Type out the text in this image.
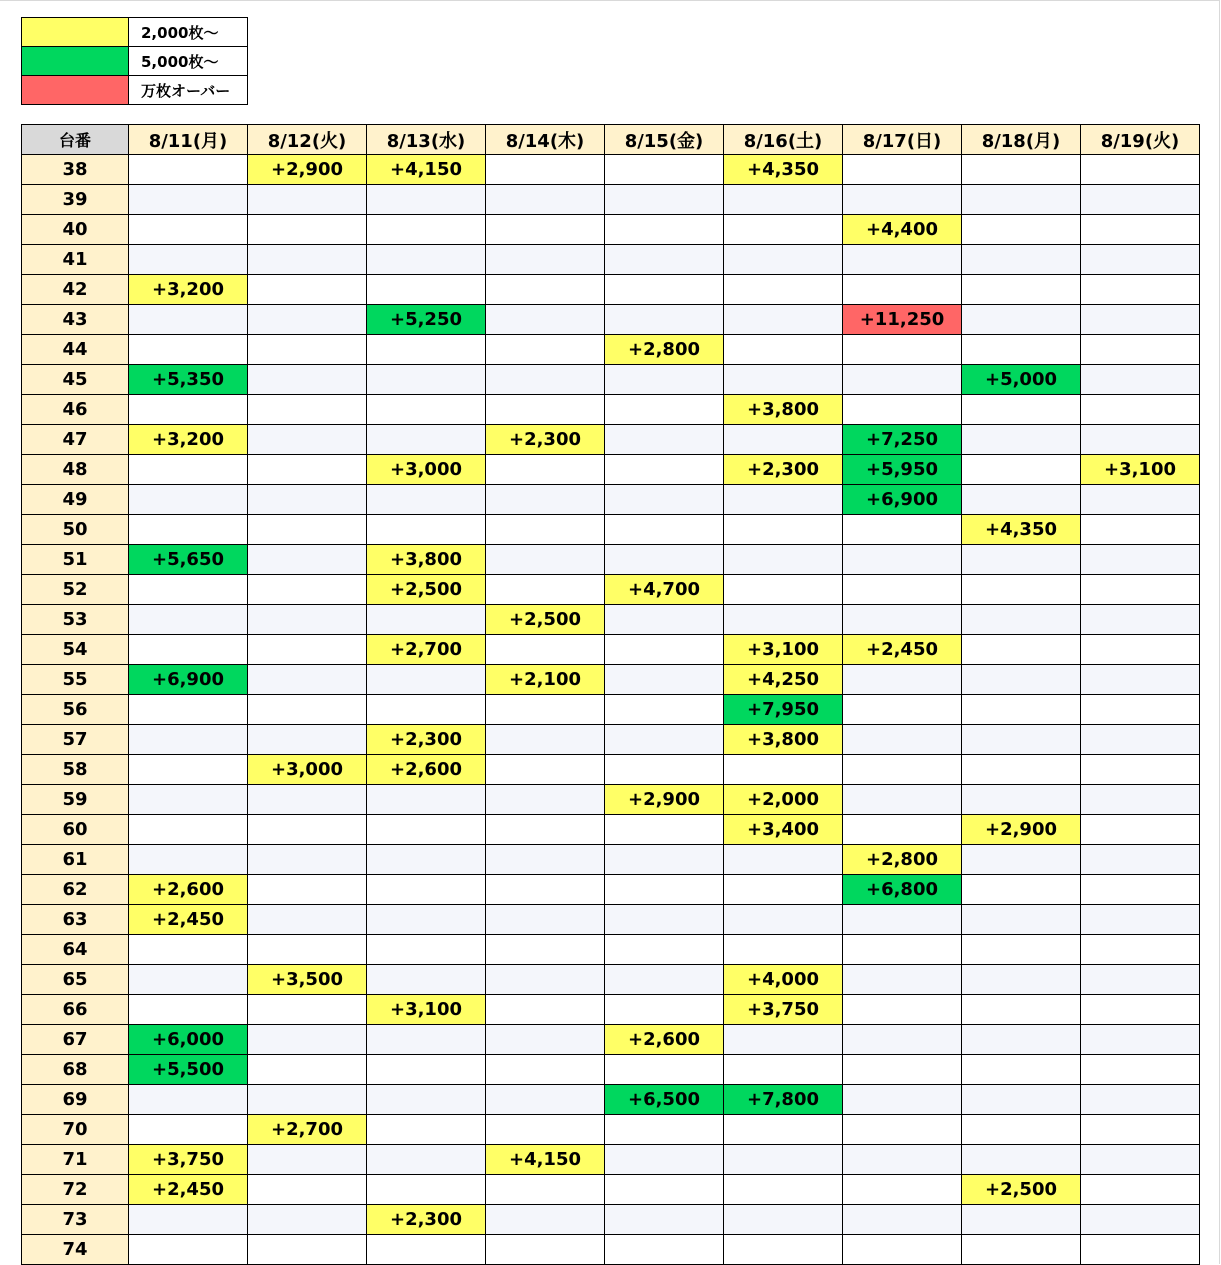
	2,000枚〜
	5,000枚〜
	万枚オーバー
台番	8/11(月)	8/12(火)	8/13(水)	8/14(木)	8/15(金)	8/16(土)	8/17(日)	8/18(月)	8/19(火)
38		+2,900	+4,150			+4,350			
39									
40							+4,400		
41									
42	+3,200								
43			+5,250				+11,250		
44					+2,800				
45	+5,350							+5,000	
46						+3,800			
47	+3,200			+2,300			+7,250		
48			+3,000			+2,300	+5,950		+3,100
49							+6,900		
50								+4,350	
51	+5,650		+3,800						
52			+2,500		+4,700				
53				+2,500					
54			+2,700			+3,100	+2,450		
55	+6,900			+2,100		+4,250			
56						+7,950			
57			+2,300			+3,800			
58		+3,000	+2,600						
59					+2,900	+2,000			
60						+3,400		+2,900	
61							+2,800		
62	+2,600						+6,800		
63	+2,450								
64									
65		+3,500				+4,000			
66			+3,100			+3,750			
67	+6,000				+2,600				
68	+5,500								
69					+6,500	+7,800			
70		+2,700							
71	+3,750			+4,150					
72	+2,450							+2,500	
73			+2,300						
74									
